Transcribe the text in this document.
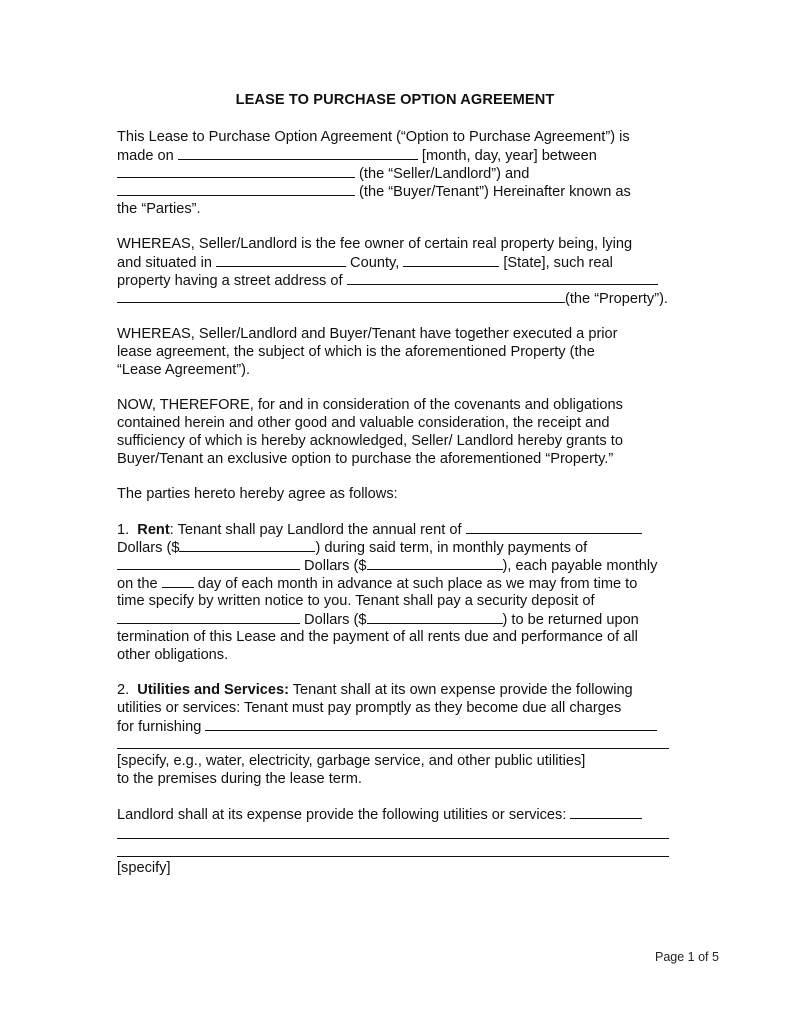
LEASE TO PURCHASE OPTION AGREEMENT
This Lease to Purchase Option Agreement (“Option to Purchase Agreement”) is
made on	[month, day, year] between
(the “Seller/Landlord”) and
(the “Buyer/Tenant”) Hereinafter known as
the “Parties”.
WHEREAS, Seller/Landlord is the fee owner of certain real property being, lying
and situated in	County,	[State], such real
property having a street address of
(the “Property”).
WHEREAS, Seller/Landlord and Buyer/Tenant have together executed a prior
lease agreement, the subject of which is the aforementioned Property (the
“Lease Agreement”).
NOW, THEREFORE, for and in consideration of the covenants and obligations
contained herein and other good and valuable consideration, the receipt and
sufficiency of which is hereby acknowledged, Seller/ Landlord hereby grants to
Buyer/Tenant an exclusive option to purchase the aforementioned “Property.”
The parties hereto hereby agree as follows:
1.  Rent: Tenant shall pay Landlord the annual rent of
Dollars ($	) during said term, in monthly payments of
Dollars ($	), each payable monthly
on the  day of each month in advance at such place as we may from time to
time specify by written notice to you. Tenant shall pay a security deposit of
Dollars ($	) to be returned upon
termination of this Lease and the payment of all rents due and performance of all
other obligations.
2.  Utilities and Services: Tenant shall at its own expense provide the following
utilities or services: Tenant must pay promptly as they become due all charges
for furnishing
[specify, e.g., water, electricity, garbage service, and other public utilities]
to the premises during the lease term.
Landlord shall at its expense provide the following utilities or services:
[specify]
Page 1 of 5
